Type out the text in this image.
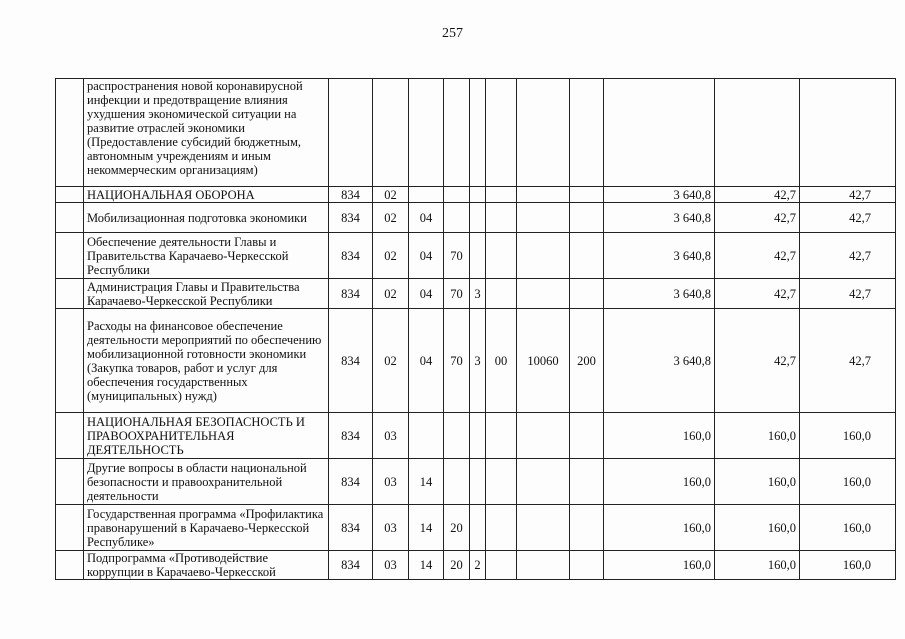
257
	распространения новой коронавирусной инфекции и предотвращение влияния ухудшения экономической ситуации на развитие отраслей экономики (Предоставление субсидий бюджетным, автономным учреждениям и иным некоммерческим организациям)											
	НАЦИОНАЛЬНАЯ ОБОРОНА	834	02							3 640,8	42,7	42,7
	Мобилизационная подготовка экономики	834	02	04						3 640,8	42,7	42,7
	Обеспечение деятельности Главы и Правительства Карачаево-Черкесской Республики	834	02	04	70					3 640,8	42,7	42,7
	Администрация Главы и Правительства Карачаево-Черкесской Республики	834	02	04	70	3				3 640,8	42,7	42,7
	Расходы на финансовое обеспечение деятельности мероприятий по обеспечению мобилизационной готовности экономики (Закупка товаров, работ и услуг для обеспечения государственных (муниципальных) нужд)	834	02	04	70	3	00	10060	200	3 640,8	42,7	42,7
	НАЦИОНАЛЬНАЯ БЕЗОПАСНОСТЬ И ПРАВООХРАНИТЕЛЬНАЯ ДЕЯТЕЛЬНОСТЬ	834	03							160,0	160,0	160,0
	Другие вопросы в области национальной безопасности и правоохранительной деятельности	834	03	14						160,0	160,0	160,0
	Государственная программа «Профилактика правонарушений в Карачаево-Черкесской Республике»	834	03	14	20					160,0	160,0	160,0
	Подпрограмма «Противодействие коррупции в Карачаево-Черкесской	834	03	14	20	2				160,0	160,0	160,0
